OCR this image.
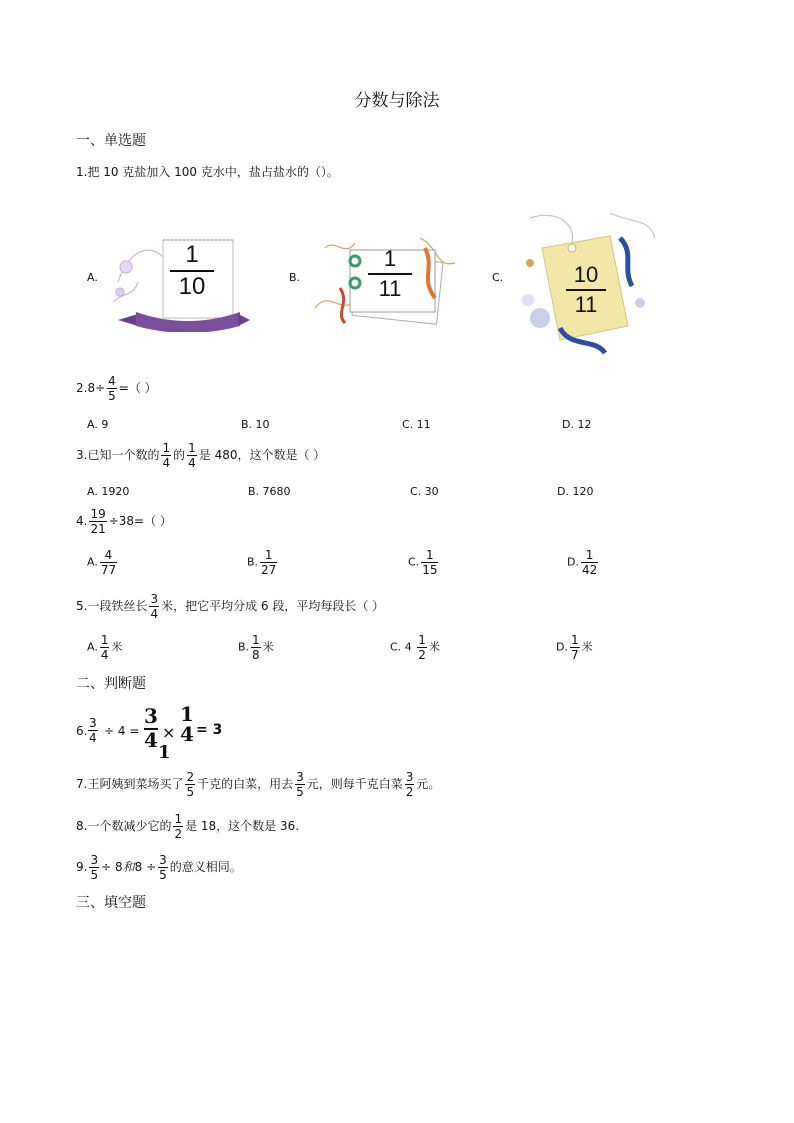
分数与除法
一、单选题
1.把 10 克盐加入 100 克水中，盐占盐水的（）。
A.	$\frac{1}{10}$	B.	$\frac{1}{11}$	C.	$\frac{10}{11}$
$2.8\div \frac{4}{5}$ =（ ）
A. 9	B. 10	C. 11	D. 12
3.已知一个数的 $\frac{1}{4}$ 的 $\frac{1}{4}$ 是 480，这个数是（ ）
A. 1920	B. 7680	C. 30	D. 120
4. $\frac{19}{21} \div 38=$（ ）
A. $\frac{4}{77}$	B. $\frac{1}{27}$	C. $\frac{1}{15}$	D. $\frac{1}{42}$
5.一段铁丝长 $\frac{3}{4}$ 米，把它平均分成 6 段，平均每段长（ ）
A. $\frac{1}{4}$ 米	B. $\frac{1}{8}$ 米	C. $4 \frac{1}{2}$ 米	D. $\frac{1}{7}$ 米
二、判断题
6. $\frac{3}{4} \div 4 = \frac{3}{4}$ ×
1
4 = 3
1
7.王阿姨到菜场买了 $\frac{2}{5}$ 千克的白菜，用去 $\frac{3}{5}$ 元，则每千克白菜 $\frac{3}{2}$ 元。
8.一个数减少它的 $\frac{1}{2}$ 是 18，这个数是 36.
9. $\frac{3}{5} \div 8$和$8 \div \frac{3}{5}$ 的意义相同。
三、填空题
